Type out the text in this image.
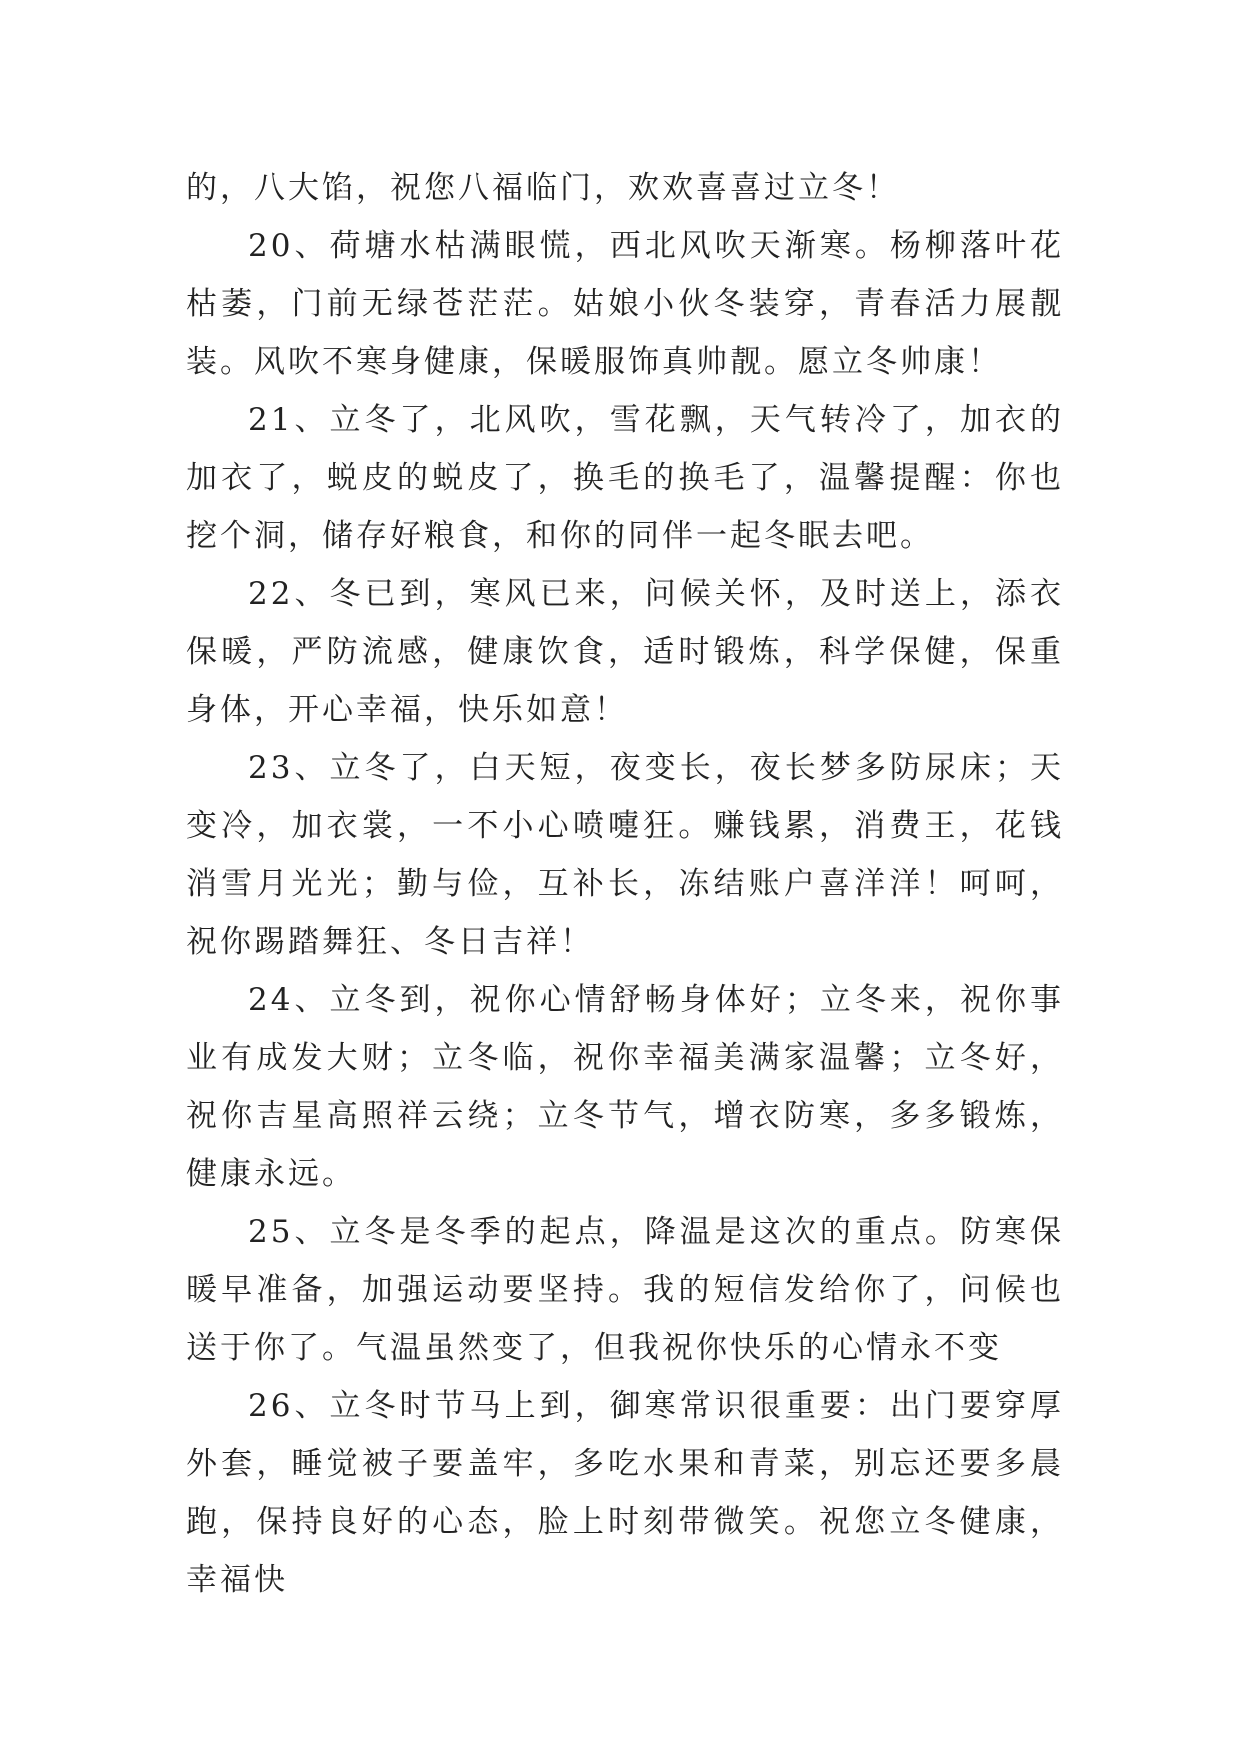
的，八大馅，祝您八福临门，欢欢喜喜过立冬！

20、荷塘水枯满眼慌，西北风吹天渐寒。杨柳落叶花枯萎，门前无绿苍茫茫。姑娘小伙冬装穿，青春活力展靓装。风吹不寒身健康，保暖服饰真帅靓。愿立冬帅康！

21、立冬了，北风吹，雪花飘，天气转冷了，加衣的加衣了，蜕皮的蜕皮了，换毛的换毛了，温馨提醒：你也挖个洞，储存好粮食，和你的同伴一起冬眠去吧。

22、冬已到，寒风已来，问候关怀，及时送上，添衣保暖，严防流感，健康饮食，适时锻炼，科学保健，保重身体，开心幸福，快乐如意！

23、立冬了，白天短，夜变长，夜长梦多防尿床；天变冷，加衣裳，一不小心喷嚏狂。赚钱累，消费王，花钱消雪月光光；勤与俭，互补长，冻结账户喜洋洋！呵呵，祝你踢踏舞狂、冬日吉祥！

24、立冬到，祝你心情舒畅身体好；立冬来，祝你事业有成发大财；立冬临，祝你幸福美满家温馨；立冬好，祝你吉星高照祥云绕；立冬节气，增衣防寒，多多锻炼，健康永远。

25、立冬是冬季的起点，降温是这次的重点。防寒保暖早准备，加强运动要坚持。我的短信发给你了，问候也送于你了。气温虽然变了，但我祝你快乐的心情永不变

26、立冬时节马上到，御寒常识很重要：出门要穿厚外套，睡觉被子要盖牢，多吃水果和青菜，别忘还要多晨跑，保持良好的心态，脸上时刻带微笑。祝您立冬健康，幸福快
